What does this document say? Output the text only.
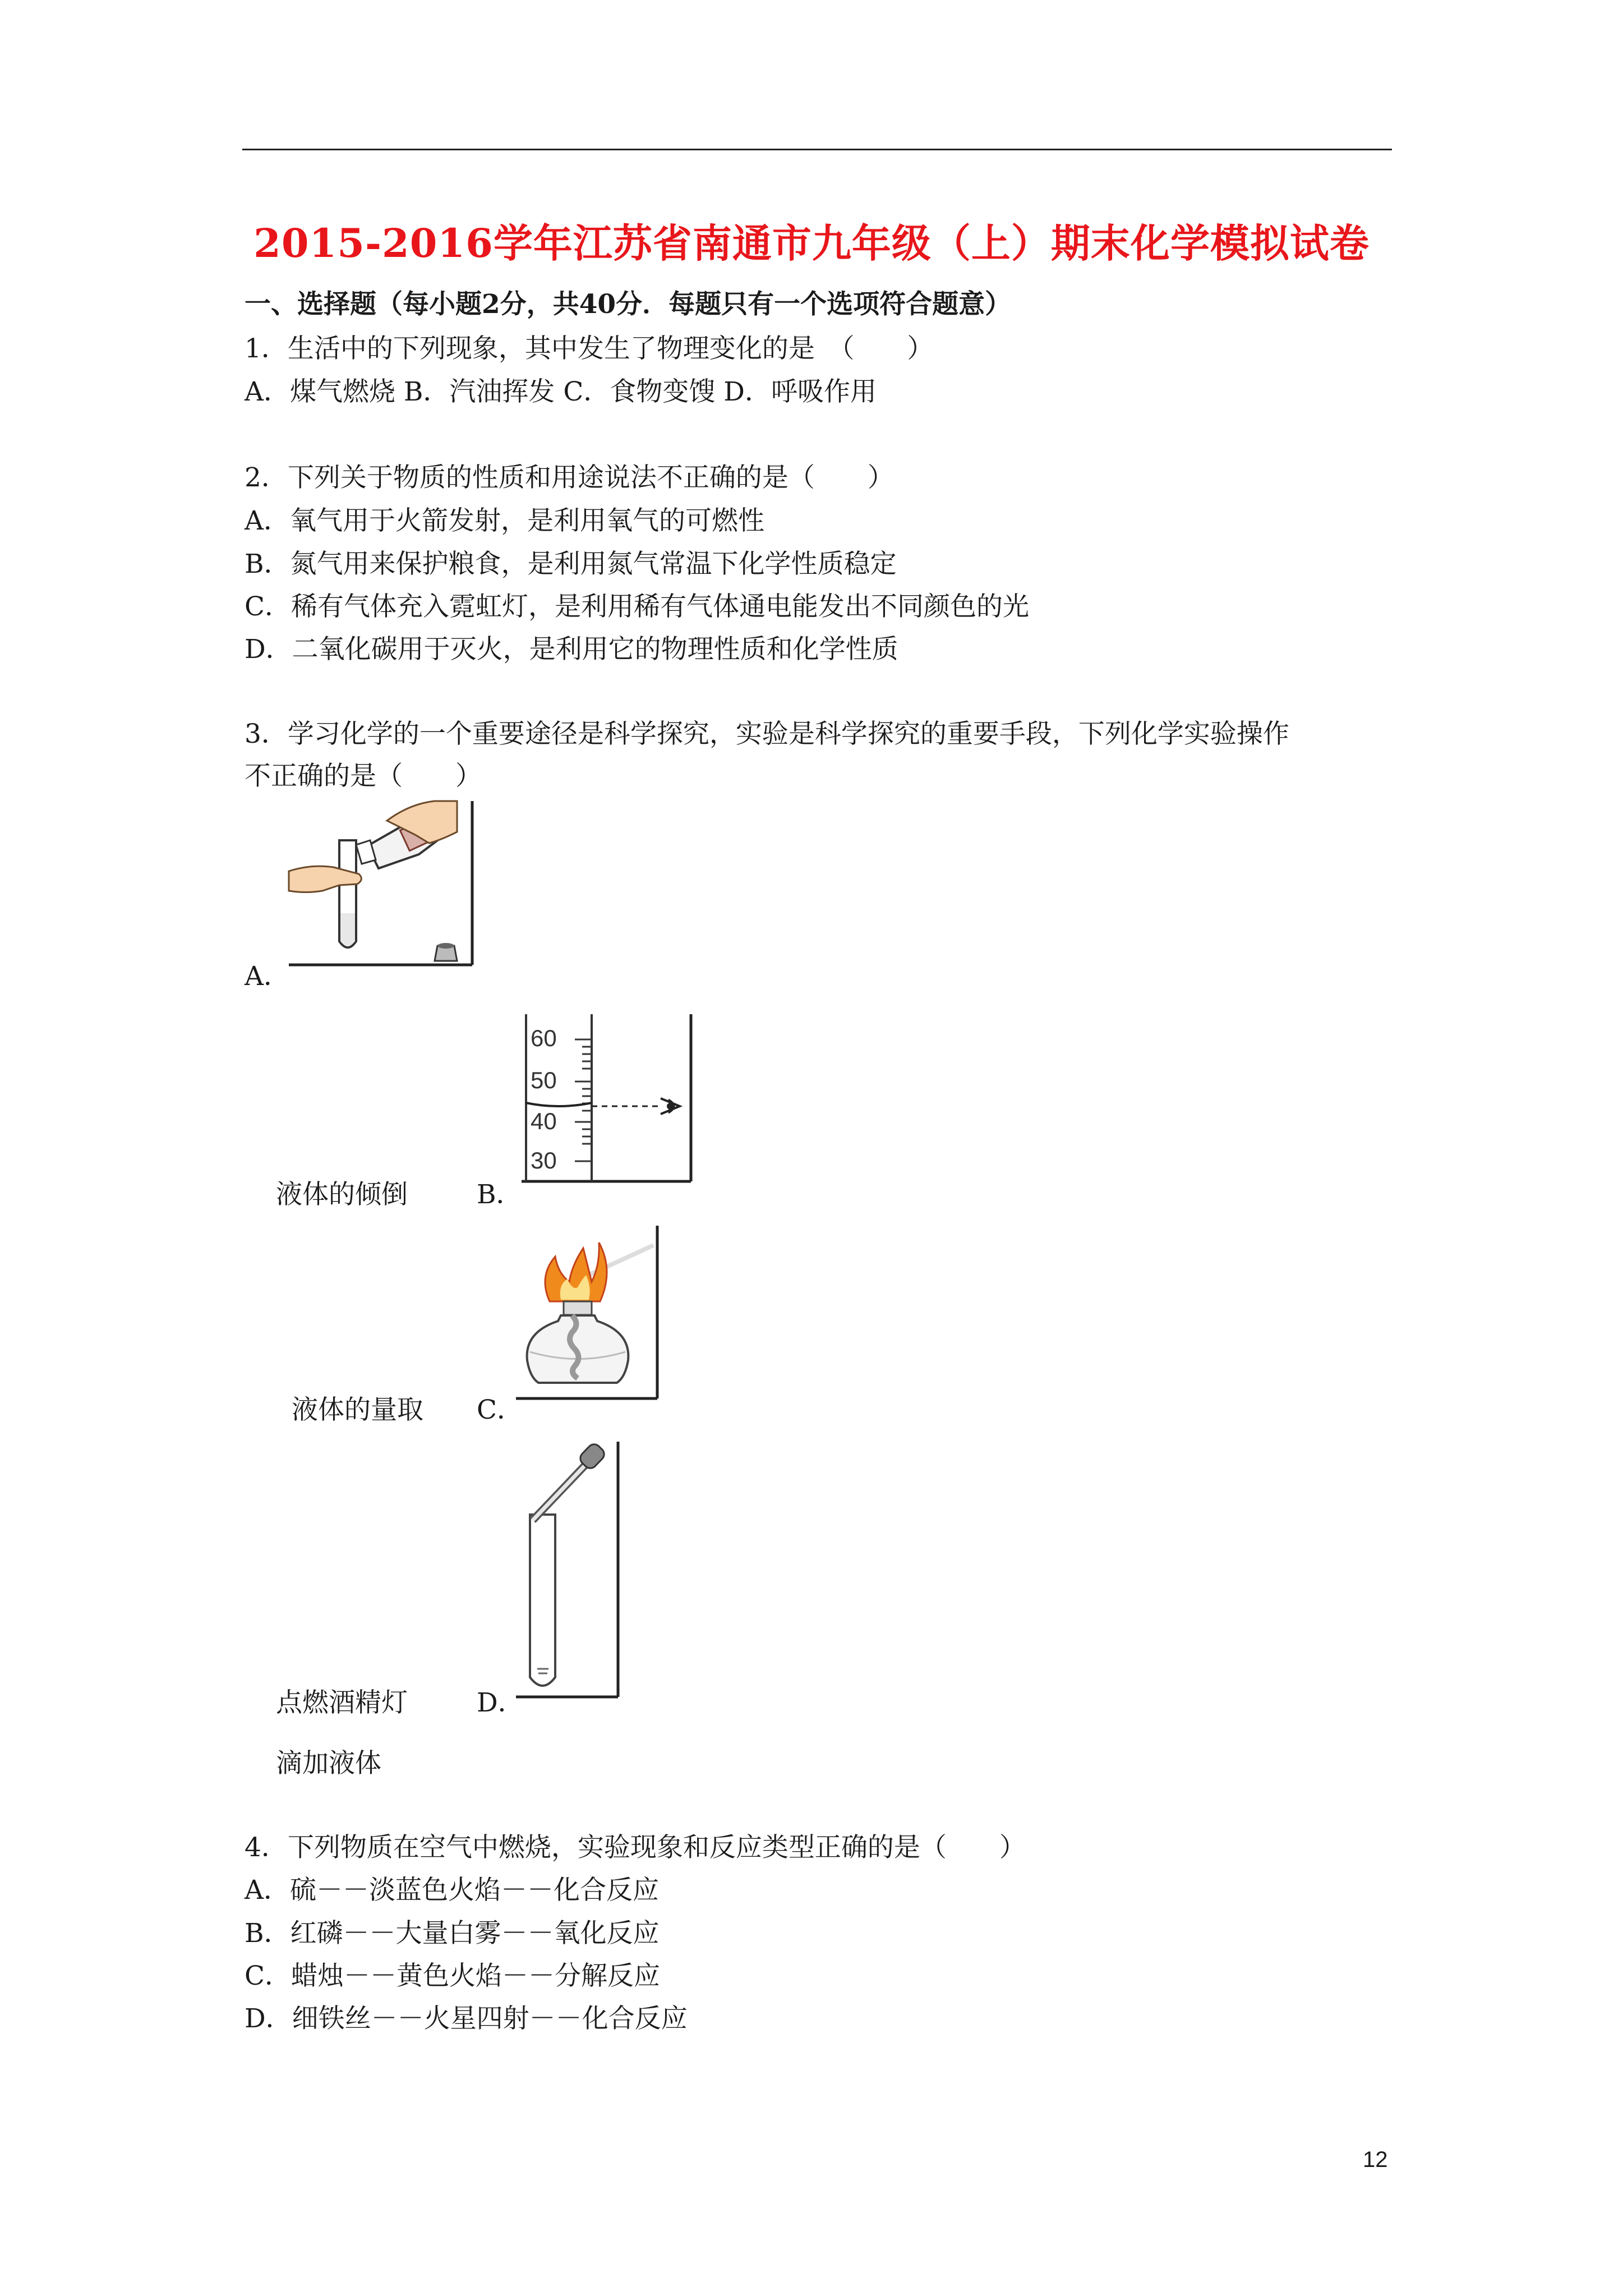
2015-2016学年江苏省南通市九年级（上）期末化学模拟试卷
一、选择题（每小题2分，共40分．每题只有一个选项符合题意）
1．生活中的下列现象，其中发生了物理变化的是　（　　）
A．煤气燃烧 B．汽油挥发 C．食物变馊 D．呼吸作用
2．下列关于物质的性质和用途说法不正确的是（　　）
A．氧气用于火箭发射，是利用氧气的可燃性
B．氮气用来保护粮食，是利用氮气常温下化学性质稳定
C．稀有气体充入霓虹灯，是利用稀有气体通电能发出不同颜色的光
D．二氧化碳用于灭火，是利用它的物理性质和化学性质
3．学习化学的一个重要途径是科学探究，实验是科学探究的重要手段，下列化学实验操作
不正确的是（　　）
A．
60
50
40
30
液体的倾倒	B．
液体的量取 C．
点燃酒精灯	D．
滴加液体
4．下列物质在空气中燃烧，实验现象和反应类型正确的是（　　）
A．硫－－淡蓝色火焰－－化合反应
B．红磷－－大量白雾－－氧化反应
C．蜡烛－－黄色火焰－－分解反应
D．细铁丝－－火星四射－－化合反应
12
